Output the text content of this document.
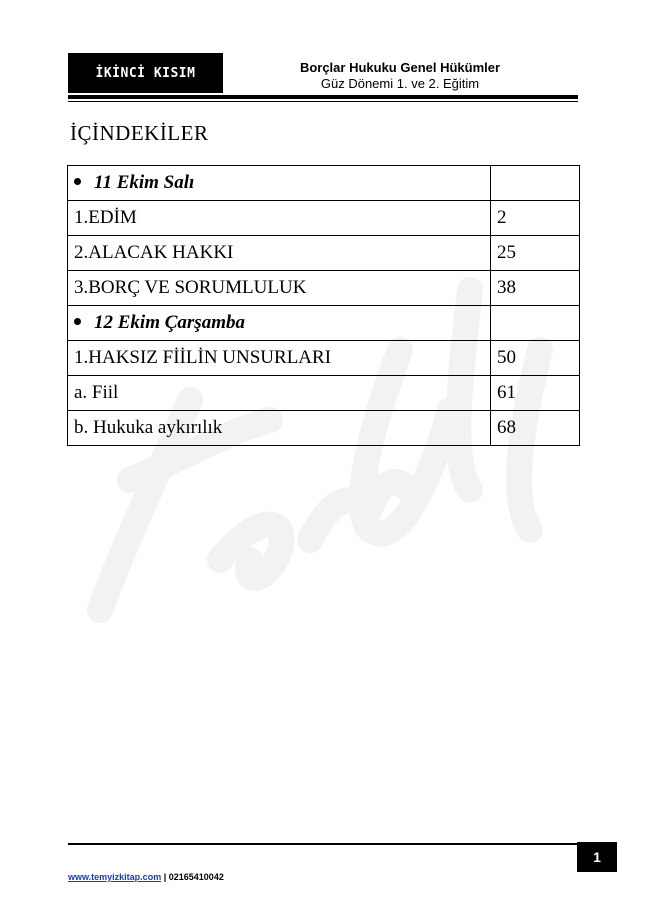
İKİNCİ KISIM	Borçlar Hukuku Genel Hükümler
Güz Dönemi 1. ve 2. Eğitim
İÇİNDEKİLER
11 Ekim Salı	
1.EDİM	2
2.ALACAK HAKKI	25
3.BORÇ VE SORUMLULUK	38
12 Ekim Çarşamba	
1.HAKSIZ FİİLİN UNSURLARI	50
a. Fiil	61
b. Hukuka aykırılık	68
1
www.temyizkitap.com | 02165410042
